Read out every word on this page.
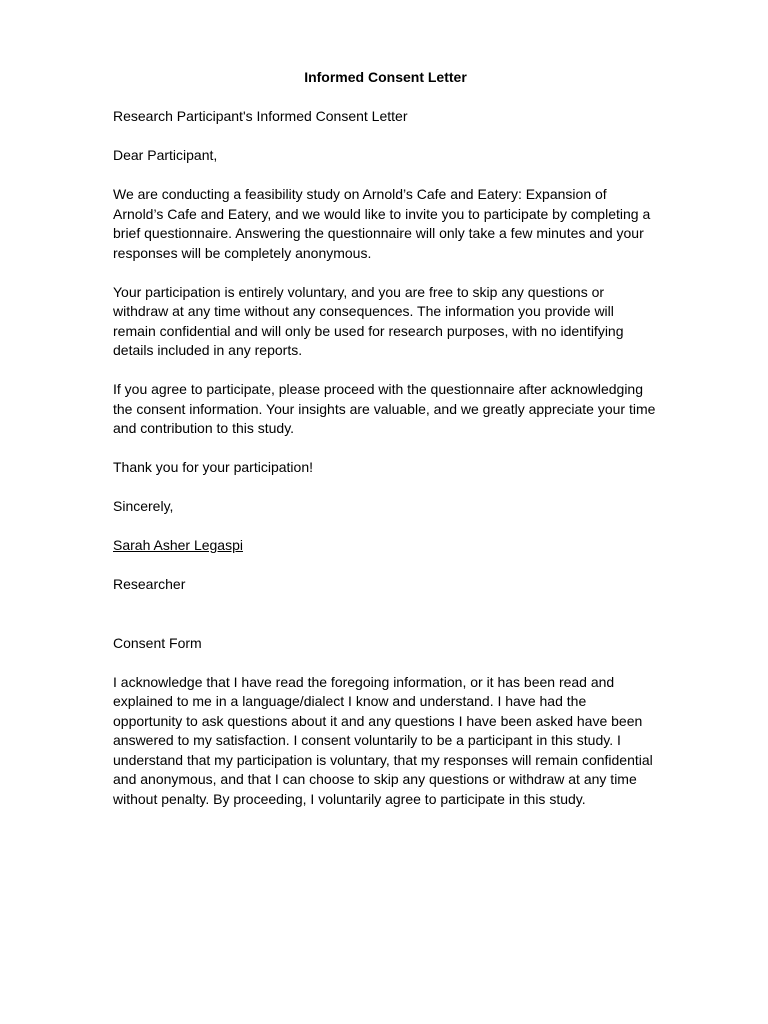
Informed Consent Letter
Research Participant's Informed Consent Letter
Dear Participant,
We are conducting a feasibility study on Arnold’s Cafe and Eatery: Expansion of Arnold’s Cafe and Eatery, and we would like to invite you to participate by completing a brief questionnaire. Answering the questionnaire will only take a few minutes and your responses will be completely anonymous.
Your participation is entirely voluntary, and you are free to skip any questions or withdraw at any time without any consequences. The information you provide will remain confidential and will only be used for research purposes, with no identifying details included in any reports.
If you agree to participate, please proceed with the questionnaire after acknowledging the consent information. Your insights are valuable, and we greatly appreciate your time and contribution to this study.
Thank you for your participation!
Sincerely,
Sarah Asher Legaspi
Researcher
Consent Form
I acknowledge that I have read the foregoing information, or it has been read and explained to me in a language/dialect I know and understand. I have had the opportunity to ask questions about it and any questions I have been asked have been answered to my satisfaction. I consent voluntarily to be a participant in this study. I understand that my participation is voluntary, that my responses will remain confidential and anonymous, and that I can choose to skip any questions or withdraw at any time without penalty. By proceeding, I voluntarily agree to participate in this study.
